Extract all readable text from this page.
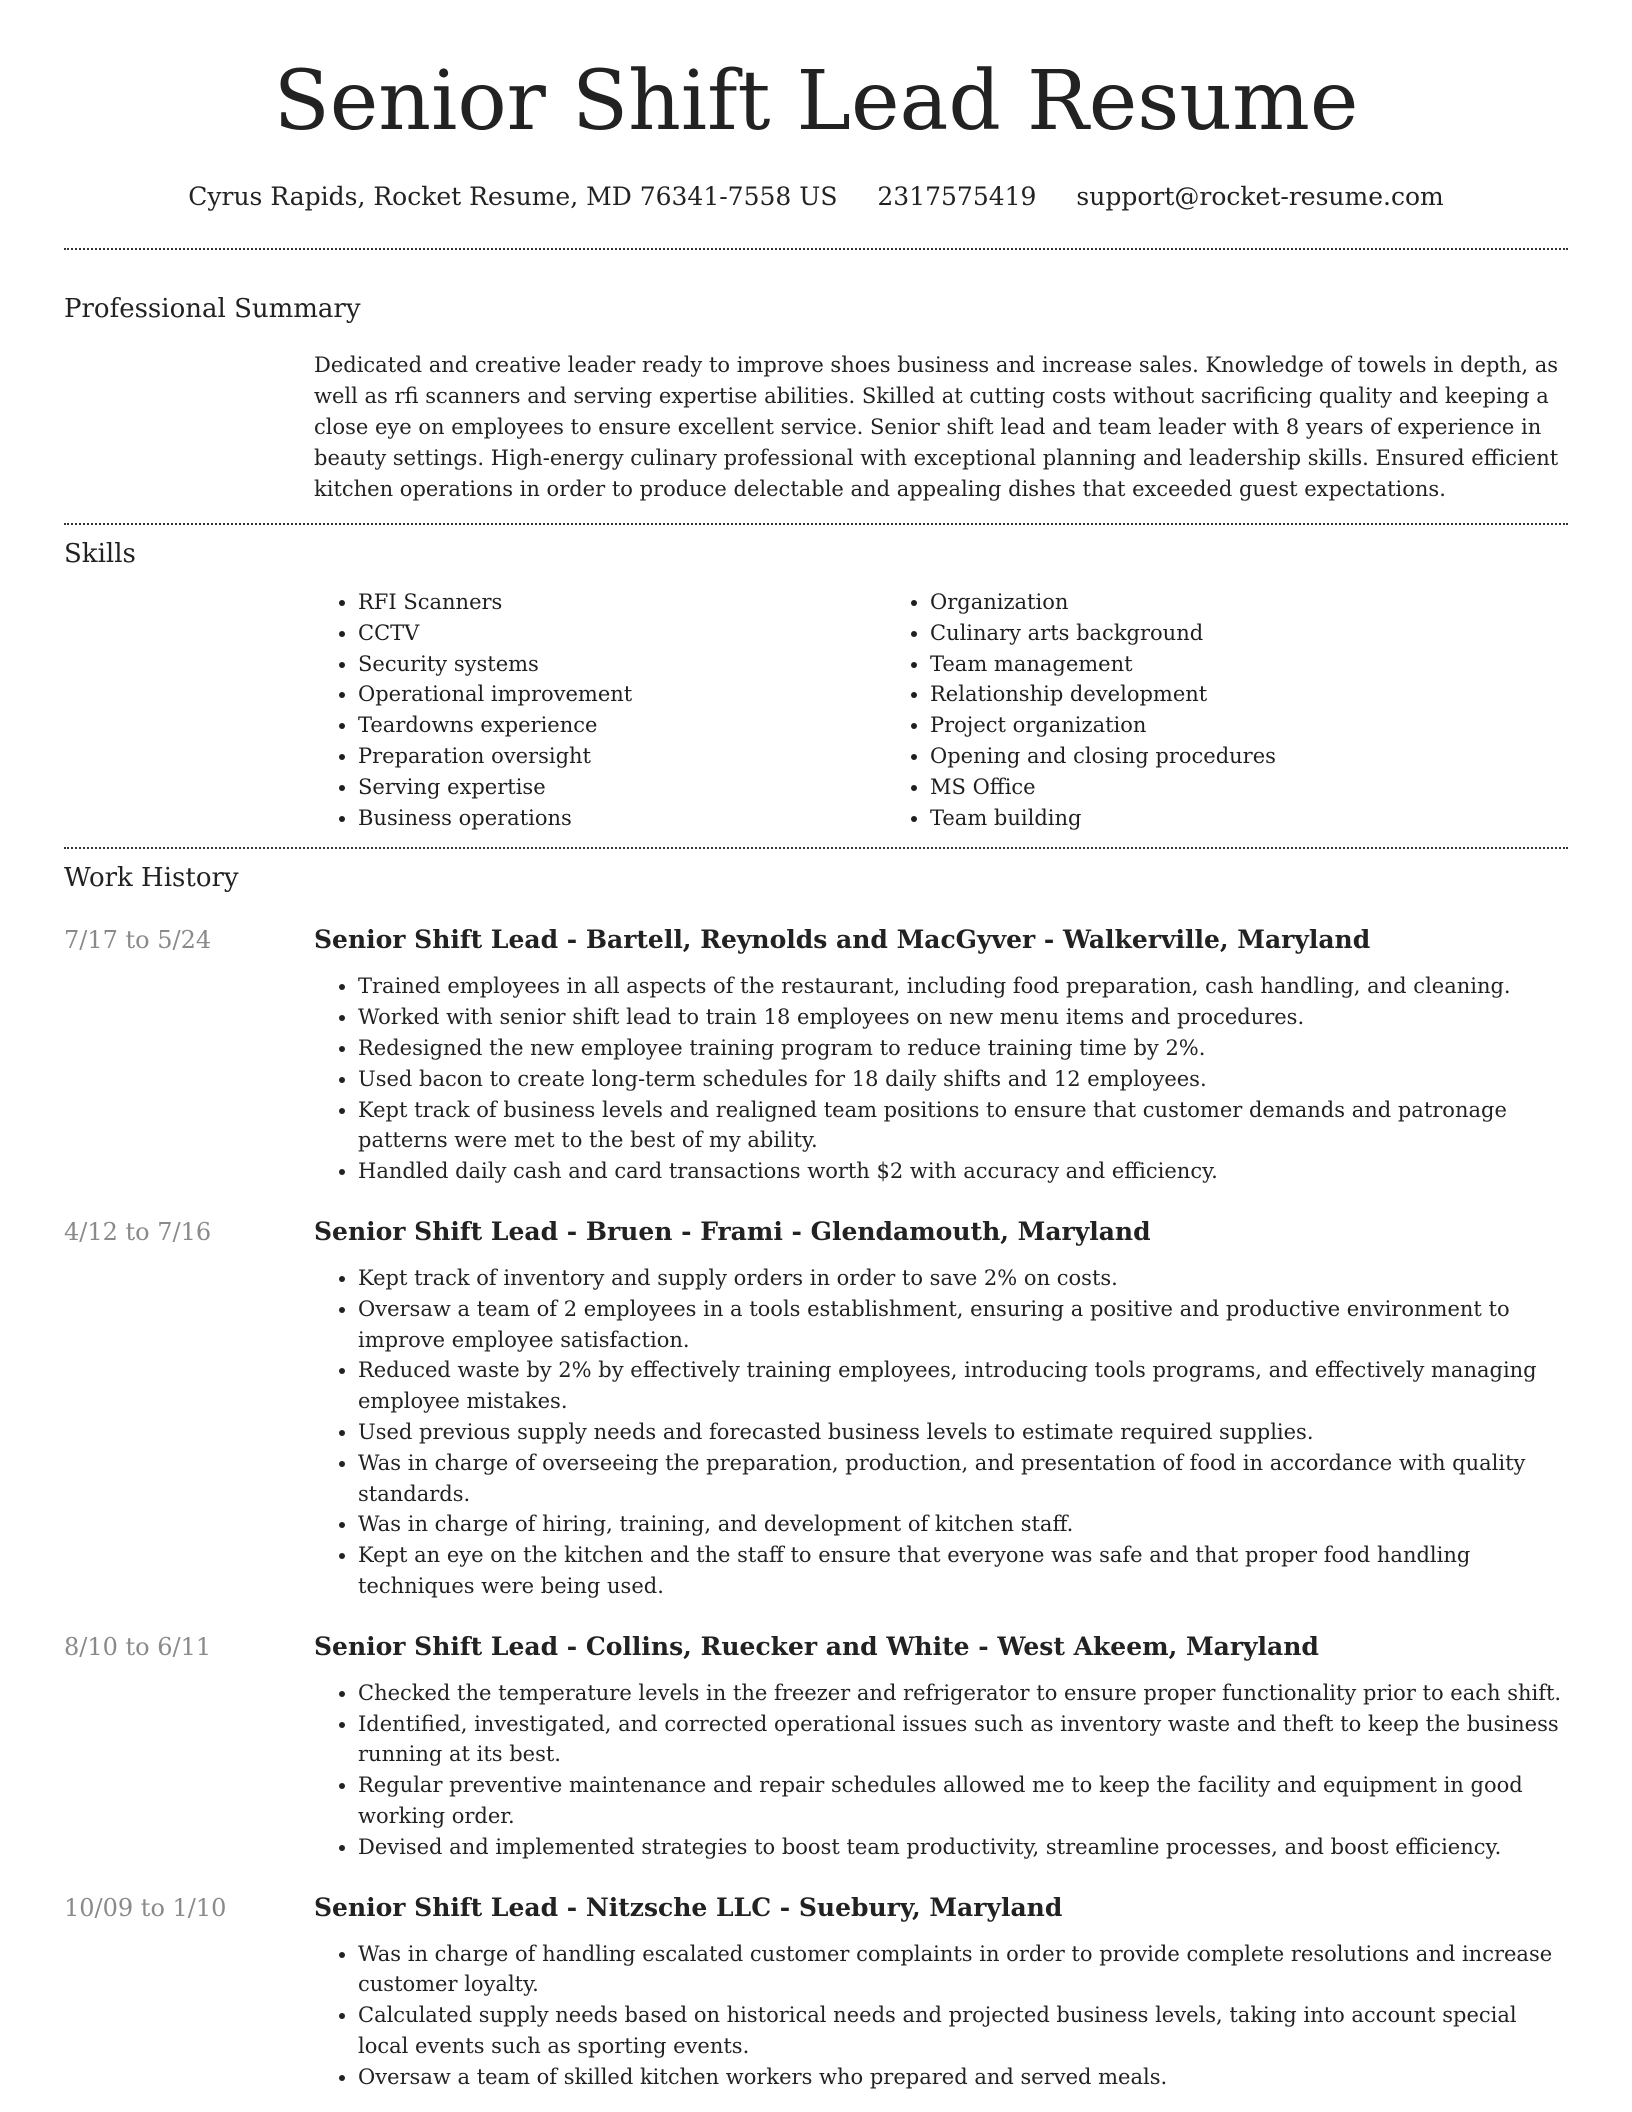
Senior Shift Lead Resume
Cyrus Rapids, Rocket Resume, MD 76341-7558 US 2317575419 support@rocket-resume.com
Professional Summary

Dedicated and creative leader ready to improve shoes business and increase sales. Knowledge of towels in depth, as well as rfi scanners and serving expertise abilities. Skilled at cutting costs without sacrificing quality and keeping a close eye on employees to ensure excellent service. Senior shift lead and team leader with 8 years of experience in beauty settings. High-energy culinary professional with exceptional planning and leadership skills. Ensured efficient kitchen operations in order to produce delectable and appealing dishes that exceeded guest expectations.

Skills
• RFI Scanners
• CCTV
• Security systems
• Operational improvement
• Teardowns experience
• Preparation oversight
• Serving expertise
• Business operations
• Organization
• Culinary arts background
• Team management
• Relationship development
• Project organization
• Opening and closing procedures
• MS Office
• Team building
Work History
7/17 to 5/24	Senior Shift Lead - Bartell, Reynolds and MacGyver - Walkerville, Maryland
• Trained employees in all aspects of the restaurant, including food preparation, cash handling, and cleaning.
• Worked with senior shift lead to train 18 employees on new menu items and procedures.
• Redesigned the new employee training program to reduce training time by 2%.
• Used bacon to create long-term schedules for 18 daily shifts and 12 employees.
• Kept track of business levels and realigned team positions to ensure that customer demands and patronage patterns were met to the best of my ability.
• Handled daily cash and card transactions worth $2 with accuracy and efficiency.
4/12 to 7/16	Senior Shift Lead - Bruen - Frami - Glendamouth, Maryland
• Kept track of inventory and supply orders in order to save 2% on costs.
• Oversaw a team of 2 employees in a tools establishment, ensuring a positive and productive environment to improve employee satisfaction.
• Reduced waste by 2% by effectively training employees, introducing tools programs, and effectively managing employee mistakes.
• Used previous supply needs and forecasted business levels to estimate required supplies.
• Was in charge of overseeing the preparation, production, and presentation of food in accordance with quality standards.
• Was in charge of hiring, training, and development of kitchen staff.
• Kept an eye on the kitchen and the staff to ensure that everyone was safe and that proper food handling techniques were being used.
8/10 to 6/11	Senior Shift Lead - Collins, Ruecker and White - West Akeem, Maryland
• Checked the temperature levels in the freezer and refrigerator to ensure proper functionality prior to each shift.
• Identified, investigated, and corrected operational issues such as inventory waste and theft to keep the business running at its best.
• Regular preventive maintenance and repair schedules allowed me to keep the facility and equipment in good working order.
• Devised and implemented strategies to boost team productivity, streamline processes, and boost efficiency.
10/09 to 1/10	Senior Shift Lead - Nitzsche LLC - Suebury, Maryland
• Was in charge of handling escalated customer complaints in order to provide complete resolutions and increase customer loyalty.
• Calculated supply needs based on historical needs and projected business levels, taking into account special local events such as sporting events.
• Oversaw a team of skilled kitchen workers who prepared and served meals.
